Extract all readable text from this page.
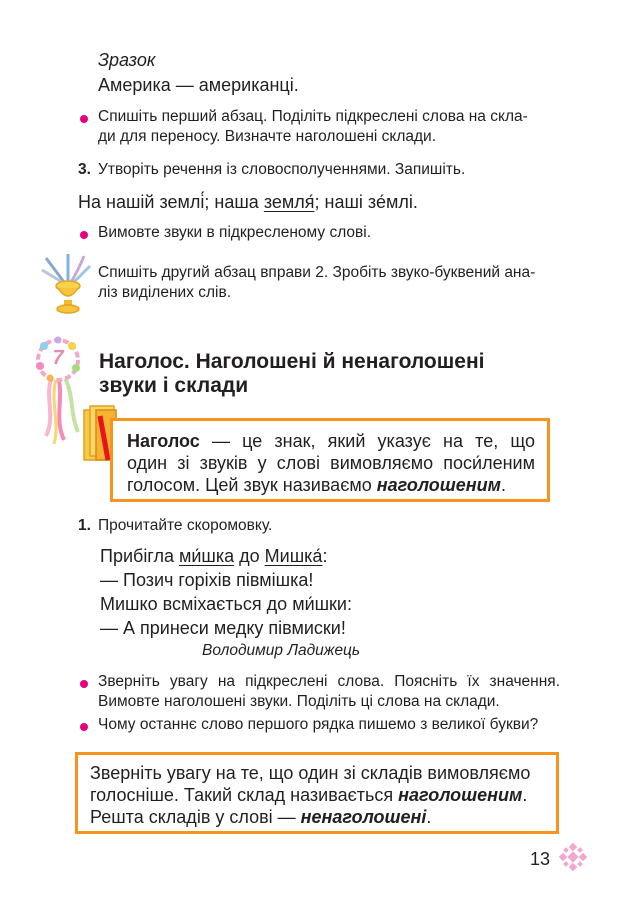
Зразок
Америка — американці.
Спишіть перший абзац. Поділіть підкреслені слова на скла-
ди для переносу. Визначте наголошені склади.
3. Утворіть речення із словосполученнями. Запишіть.
На нашій землі́; наша земля́; наші зе́млі.
Вимовте звуки в підкресленому слові.
Спишіть другий абзац вправи 2. Зробіть звуко-буквений ана-
ліз виділених слів.
7	Наголос. Наголошені й ненаголошені
звуки і склади
Наголос — це знак, який указує на те, що
один зі звуків у слові вимовляємо поси́леним
голосом. Цей звук називаємо наголошеним.
1. Прочитайте скоромовку.
Прибігла ми́шка до Мишка́:
— Позич горіхів півмішка!
Мишко всміхається до ми́шки:
— А принеси медку півмиски!
Володимир Ладижець
Зверніть увагу на підкреслені слова. Поясніть їх значення.
Вимовте наголошені звуки. Поділіть ці слова на склади.
Чому останнє слово першого рядка пишемо з великої букви?
Зверніть увагу на те, що один зі складів вимовляємо
голосніше. Такий склад називається наголошеним.
Решта складів у слові — ненаголошені.
13
